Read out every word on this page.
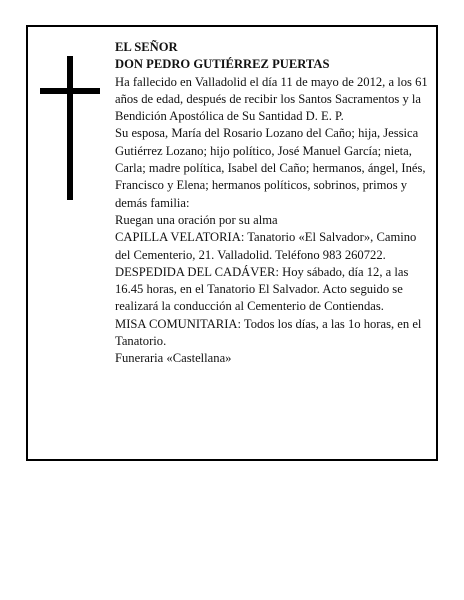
EL SEÑOR

DON PEDRO GUTIÉRREZ PUERTAS

Ha fallecido en Valladolid el día 11 de mayo de 2012, a los 61 años de edad, después de recibir los Santos Sacramentos y la Bendición Apostólica de Su Santidad D. E. P.

Su esposa, María del Rosario Lozano del Caño; hija, Jessica Gutiérrez Lozano; hijo político, José Manuel García; nieta, Carla; madre política, Isabel del Caño; hermanos, ángel, Inés, Francisco y Elena; hermanos políticos, sobrinos, primos y demás familia:

Ruegan una oración por su alma

CAPILLA VELATORIA: Tanatorio «El Salvador», Camino del Cementerio, 21. Valladolid. Teléfono 983 260722.

DESPEDIDA DEL CADÁVER: Hoy sábado, día 12, a las 16.45 horas, en el Tanatorio El Salvador. Acto seguido se realizará la conducción al Cementerio de Contiendas.

MISA COMUNITARIA: Todos los días, a las 1o horas, en el Tanatorio.

Funeraria «Castellana»
